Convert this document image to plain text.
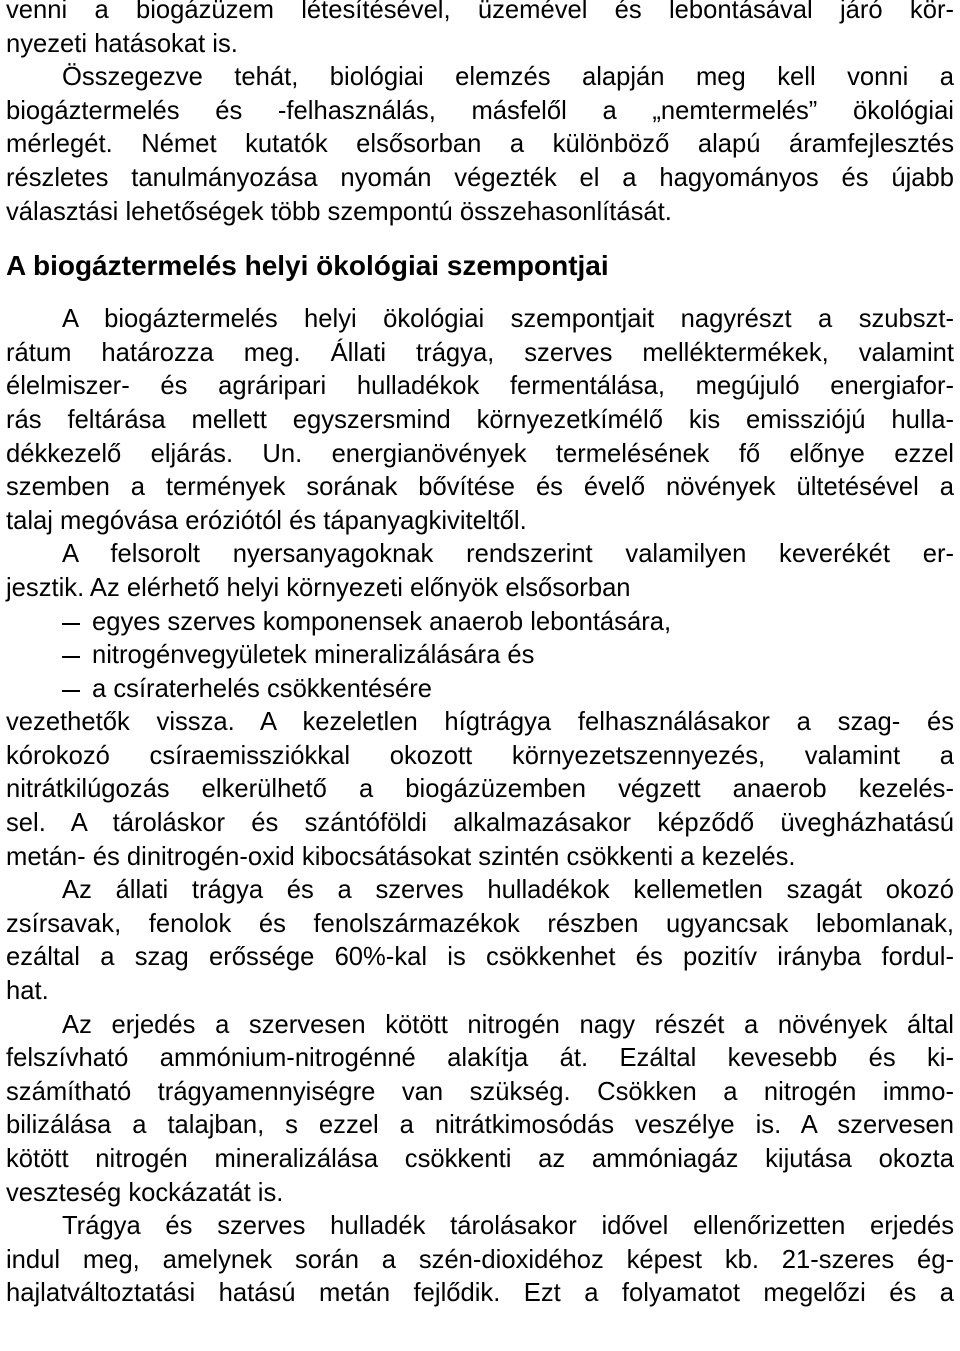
venni a biogázüzem létesítésével, üzemével és lebontásával járó kör-
nyezeti hatásokat is.
Összegezve tehát, biológiai elemzés alapján meg kell vonni a
biogáztermelés és -felhasználás, másfelől a „nemtermelés” ökológiai
mérlegét. Német kutatók elsősorban a különböző alapú áramfejlesztés
részletes tanulmányozása nyomán végezték el a hagyományos és újabb
választási lehetőségek több szempontú összehasonlítását.
A biogáztermelés helyi ökológiai szempontjai
A biogáztermelés helyi ökológiai szempontjait nagyrészt a szubszt-
rátum határozza meg. Állati trágya, szerves melléktermékek, valamint
élelmiszer- és agráripari hulladékok fermentálása, megújuló energiafor-
rás feltárása mellett egyszersmind környezetkímélő kis emissziójú hulla-
dékkezelő eljárás. Un. energianövények termelésének fő előnye ezzel
szemben a termények sorának bővítése és évelő növények ültetésével a
talaj megóvása eróziótól és tápanyagkiviteltől.
A felsorolt nyersanyagoknak rendszerint valamilyen keverékét er-
jesztik. Az elérhető helyi környezeti előnyök elsősorban
egyes szerves komponensek anaerob lebontására,
nitrogénvegyületek mineralizálására és
a csíraterhelés csökkentésére
vezethetők vissza. A kezeletlen hígtrágya felhasználásakor a szag- és
kórokozó csíraemissziókkal okozott környezetszennyezés, valamint a
nitrátkilúgozás elkerülhető a biogázüzemben végzett anaerob kezelés-
sel. A tároláskor és szántóföldi alkalmazásakor képződő üvegházhatású
metán- és dinitrogén-oxid kibocsátásokat szintén csökkenti a kezelés.
Az állati trágya és a szerves hulladékok kellemetlen szagát okozó
zsírsavak, fenolok és fenolszármazékok részben ugyancsak lebomlanak,
ezáltal a szag erőssége 60%-kal is csökkenhet és pozitív irányba fordul-
hat.
Az erjedés a szervesen kötött nitrogén nagy részét a növények által
felszívható ammónium-nitrogénné alakítja át. Ezáltal kevesebb és ki-
számítható trágyamennyiségre van szükség. Csökken a nitrogén immo-
bilizálása a talajban, s ezzel a nitrátkimosódás veszélye is. A szervesen
kötött nitrogén mineralizálása csökkenti az ammóniagáz kijutása okozta
veszteség kockázatát is.
Trágya és szerves hulladék tárolásakor idővel ellenőrizetten erjedés
indul meg, amelynek során a szén-dioxidéhoz képest kb. 21-szeres ég-
hajlatváltoztatási hatású metán fejlődik. Ezt a folyamatot megelőzi és a
